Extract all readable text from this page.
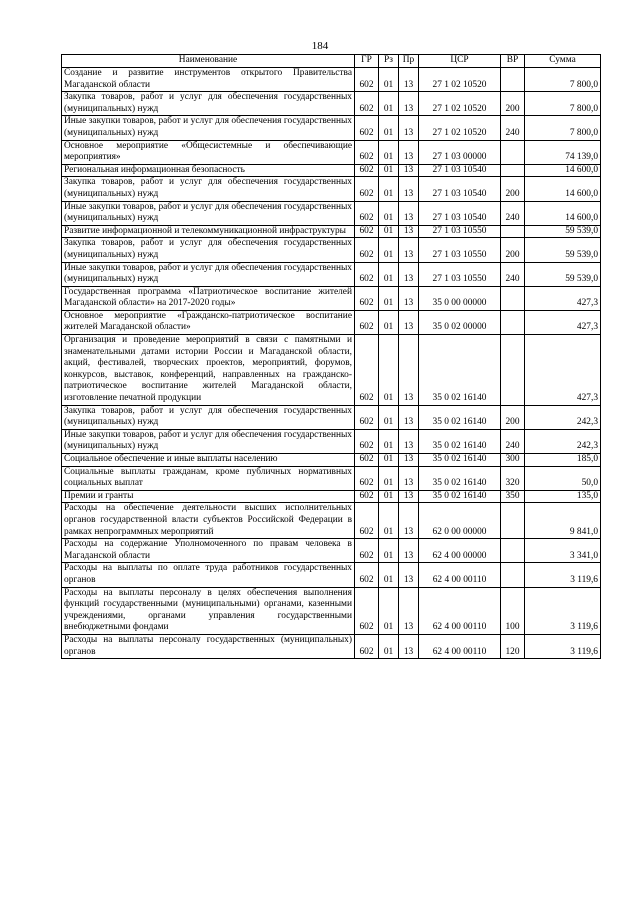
184
Наименование	ГР	Рз	Пр	ЦСР	ВР	Сумма
Создание и развитие инструментов открытого Правительства Магаданской области	602	01	13	27 1 02 10520		7 800,0
Закупка товаров, работ и услуг для обеспечения государственных (муниципальных) нужд	602	01	13	27 1 02 10520	200	7 800,0
Иные закупки товаров, работ и услуг для обеспечения государственных (муниципальных) нужд	602	01	13	27 1 02 10520	240	7 800,0
Основное мероприятие «Общесистемные и обеспечивающие мероприятия»	602	01	13	27 1 03 00000		74 139,0
Региональная информационная безопасность	602	01	13	27 1 03 10540		14 600,0
Закупка товаров, работ и услуг для обеспечения государственных (муниципальных) нужд	602	01	13	27 1 03 10540	200	14 600,0
Иные закупки товаров, работ и услуг для обеспечения государственных (муниципальных) нужд	602	01	13	27 1 03 10540	240	14 600,0
Развитие информационной и телекоммуникационной инфраструктуры	602	01	13	27 1 03 10550		59 539,0
Закупка товаров, работ и услуг для обеспечения государственных (муниципальных) нужд	602	01	13	27 1 03 10550	200	59 539,0
Иные закупки товаров, работ и услуг для обеспечения государственных (муниципальных) нужд	602	01	13	27 1 03 10550	240	59 539,0
Государственная программа «Патриотическое воспитание жителей Магаданской области» на 2017-2020 годы»	602	01	13	35 0 00 00000		427,3
Основное мероприятие «Гражданско-патриотическое воспитание жителей Магаданской области»	602	01	13	35 0 02 00000		427,3
Организация и проведение мероприятий в связи с памятными и знаменательными датами истории России и Магаданской области, акций, фестивалей, творческих проектов, мероприятий, форумов, конкурсов, выставок, конференций, направленных на гражданско-патриотическое воспитание жителей Магаданской области, изготовление печатной продукции	602	01	13	35 0 02 16140		427,3
Закупка товаров, работ и услуг для обеспечения государственных (муниципальных) нужд	602	01	13	35 0 02 16140	200	242,3
Иные закупки товаров, работ и услуг для обеспечения государственных (муниципальных) нужд	602	01	13	35 0 02 16140	240	242,3
Социальное обеспечение и иные выплаты населению	602	01	13	35 0 02 16140	300	185,0
Социальные выплаты гражданам, кроме публичных нормативных социальных выплат	602	01	13	35 0 02 16140	320	50,0
Премии и гранты	602	01	13	35 0 02 16140	350	135,0
Расходы на обеспечение деятельности высших исполнительных органов государственной власти субъектов Российской Федерации в рамках непрограммных мероприятий	602	01	13	62 0 00 00000		9 841,0
Расходы на содержание Уполномоченного по правам человека в Магаданской области	602	01	13	62 4 00 00000		3 341,0
Расходы на выплаты по оплате труда работников государственных органов	602	01	13	62 4 00 00110		3 119,6
Расходы на выплаты персоналу в целях обеспечения выполнения функций государственными (муниципальными) органами, казенными учреждениями, органами управления государственными внебюджетными фондами	602	01	13	62 4 00 00110	100	3 119,6
Расходы на выплаты персоналу государственных (муниципальных) органов	602	01	13	62 4 00 00110	120	3 119,6
